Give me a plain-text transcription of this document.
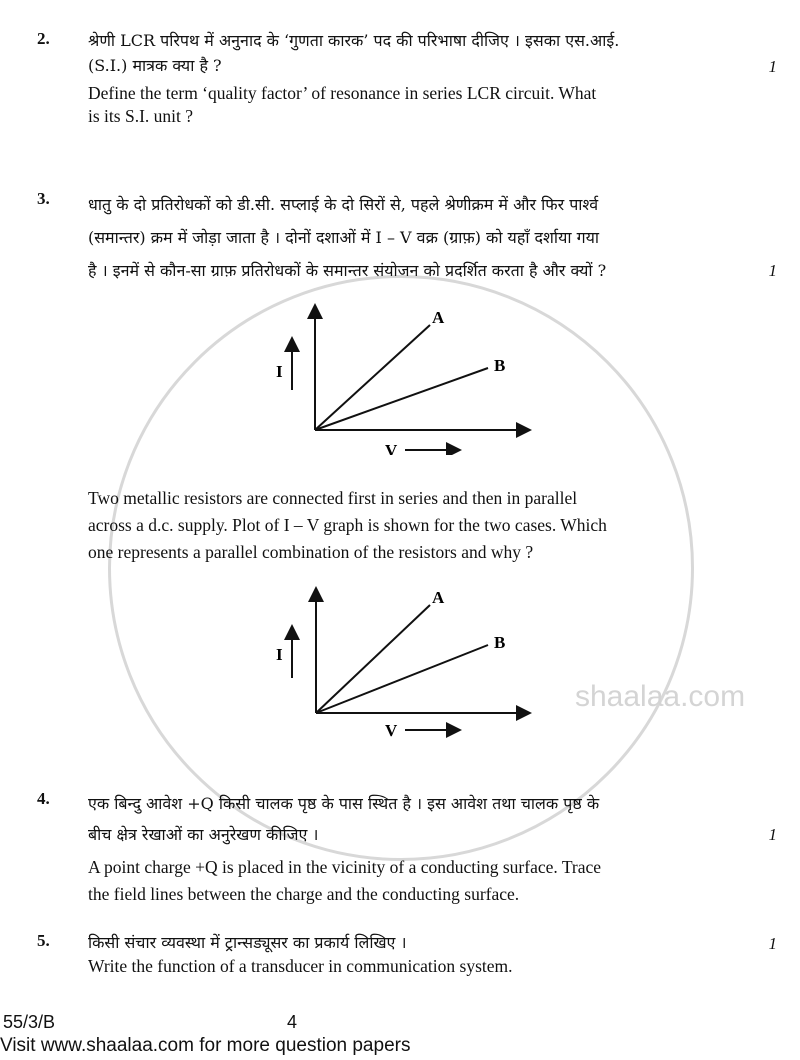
shaalaa.com
2.	श्रेणी LCR परिपथ में अनुनाद के ‘गुणता कारक’ पद की परिभाषा दीजिए । इसका एस.आई.
(S.I.) मात्रक क्या है ?	1
Define the term ‘quality factor’ of resonance in series LCR circuit. What
is its S.I. unit ?
3.	धातु के दो प्रतिरोधकों को डी.सी. सप्लाई के दो सिरों से, पहले श्रेणीक्रम में और फिर पार्श्व
(समान्तर) क्रम में जोड़ा जाता है । दोनों दशाओं में I – V वक्र (ग्राफ़) को यहाँ दर्शाया गया
है । इनमें से कौन-सा ग्राफ़ प्रतिरोधकों के समान्तर संयोजन को प्रदर्शित करता है और क्यों ?	1
I
V
A
B
Two metallic resistors are connected first in series and then in parallel
across a d.c. supply. Plot of I – V graph is shown for the two cases. Which
one represents a parallel combination of the resistors and why ?
I
V
A
B
4.	एक बिन्दु आवेश +Q किसी चालक पृष्ठ के पास स्थित है । इस आवेश तथा चालक पृष्ठ के
बीच क्षेत्र रेखाओं का अनुरेखण कीजिए ।	1
A point charge +Q is placed in the vicinity of a conducting surface. Trace
the field lines between the charge and the conducting surface.
5.	किसी संचार व्यवस्था में ट्रान्सड्यूसर का प्रकार्य लिखिए ।	1
Write the function of a transducer in communication system.
55/3/B	4
Visit www.shaalaa.com for more question papers
